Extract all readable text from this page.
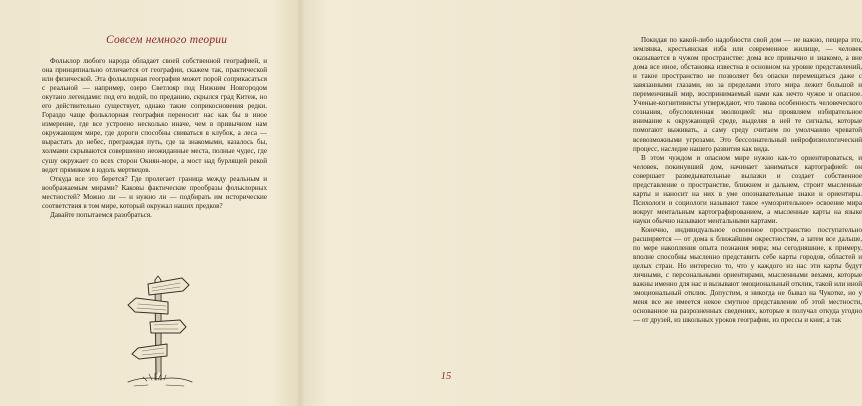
Совсем немного теории

Фольклор любого народа обладает своей собственной географией, и она принципиально отличается от географии, скажем так, практической или физической. Эта фольклорная география может порой соприкасаться с реальной — например, озеро Светлояр под Нижним Новгородом окутано легендами: под его водой, по преданию, скрылся град Китеж, но его действительно существует, однако такие соприкосновения редки. Гораздо чаще фольклорная география переносит нас как бы в иное измерение, где все устроено несколько иначе, чем в привычном нам окружающем мире, где дороги способны свиваться в клубок, а леса — вырастать до небес, преграждая путь, где за знакомыми, казалось бы, холмами скрываются совершенно неожиданные места, полные чудес, где сушу окружает со всех сторон Окиян-море, а мост над бурлящей рекой ведет прямиком в юдоль мертвецов.

Откуда все это берется? Где пролегает граница между реальным и воображаемым мирами? Каковы фактические прообразы фольклорных местностей? Можно ли — и нужно ли — подбирать им исторические соответствия в том мире, который окружал наших предков?

Давайте попытаемся разобраться.

Покидая по какой-либо надобности свой дом — не важно, пещера это, землянка, крестьянская изба или современное жилище, — человек оказывается в чужом пространстве: дома все привычно и знакомо, а вне дома все иное, обстановка известна в основном на уровне представлений, и такое пространство не позволяет без опаски перемещаться даже с завязанными глазами, но за пределами этого мира лежит большой и переменчивый мир, воспринимаемый нами как нечто чужое и опасное. Ученые-когнитивисты утверждают, что такова особенность человеческого сознания, обусловленная эволюцией: мы проявляем избирательное внимание к окружающей среде, выделяя в ней те сигналы, которые помогают выживать, а саму среду считаем по умолчанию чреватой всевозможными угрозами. Это бессознательный нейрофизиологический процесс, наследие нашего развития как вида.

В этом чуждом и опасном мире нужно как-то ориентироваться, и человек, покинувший дом, начинает заниматься картографией: он совершает разведывательные вылазки и создает собственное представление о пространстве, ближнем и дальнем, строит мысленные карты и наносит на них в уме опознавательные знаки и ориентиры. Психологи и социологи называют такое «умозрительное» освоение мира вокруг ментальным картографированием, а мысленные карты на языке науки обычно называют ментальными картами.

Конечно, индивидуальное освоенное пространство поступательно расширяется — от дома к ближайшим окрестностям, а затем все дальше, по мере накопления опыта познания мира; мы сегодняшние, к примеру, вполне способны мысленно представить себе карты городов, областей и целых стран. Но интересно то, что у каждого из нас эти карты будут личными, с персональными ориентирами, мысленными вехами, которые важны именно для нас и вызывают эмоциональный отклик, такой или иной эмоциональный отклик. Допустим, я никогда не бывал на Чукотке, но у меня все же имеется некое смутное представление об этой местности, основанное на разрозненных сведениях, которые я получал откуда угодно — от друзей, из школьных уроков географии, из прессы и книг, а так

15
